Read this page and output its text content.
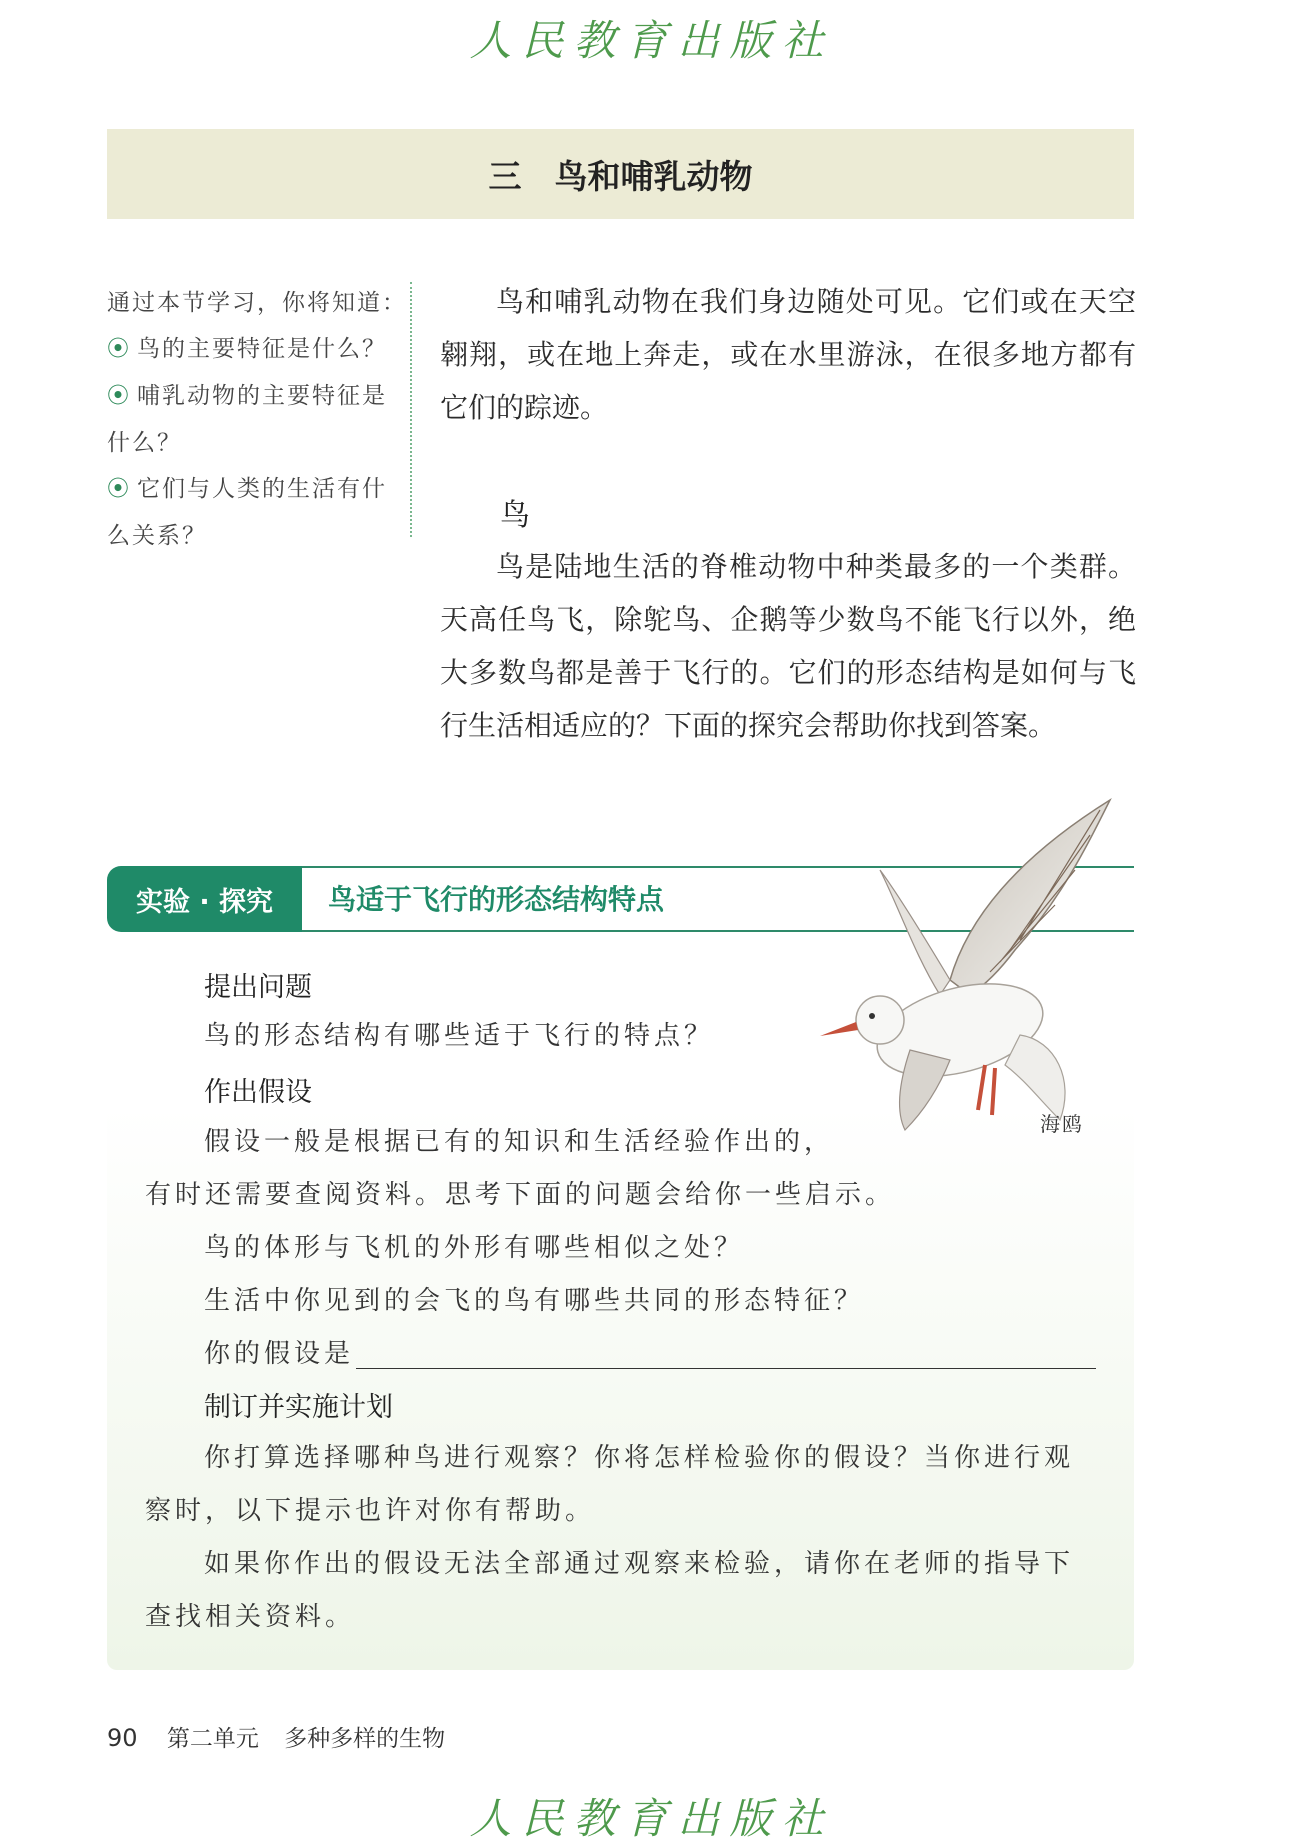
人民教育出版社
三　鸟和哺乳动物
通过本节学习，你将知道：
⦿ 鸟的主要特征是什么？
⦿ 哺乳动物的主要特征是什么？
⦿ 它们与人类的生活有什么关系？

鸟和哺乳动物在我们身边随处可见。它们或在天空翱翔，或在地上奔走，或在水里游泳，在很多地方都有它们的踪迹。

鸟

鸟是陆地生活的脊椎动物中种类最多的一个类群。天高任鸟飞，除鸵鸟、企鹅等少数鸟不能飞行以外，绝大多数鸟都是善于飞行的。它们的形态结构是如何与飞行生活相适应的？下面的探究会帮助你找到答案。

实验 · 探究	鸟适于飞行的形态结构特点
提出问题

鸟的形态结构有哪些适于飞行的特点？

作出假设

假设一般是根据已有的知识和生活经验作出的，

有时还需要查阅资料。思考下面的问题会给你一些启示。

鸟的体形与飞机的外形有哪些相似之处？

生活中你见到的会飞的鸟有哪些共同的形态特征？

你的假设是

制订并实施计划

你打算选择哪种鸟进行观察？你将怎样检验你的假设？当你进行观

察时，以下提示也许对你有帮助。

如果你作出的假设无法全部通过观察来检验，请你在老师的指导下

查找相关资料。

海鸥
90 第二单元 多种多样的生物
人民教育出版社
